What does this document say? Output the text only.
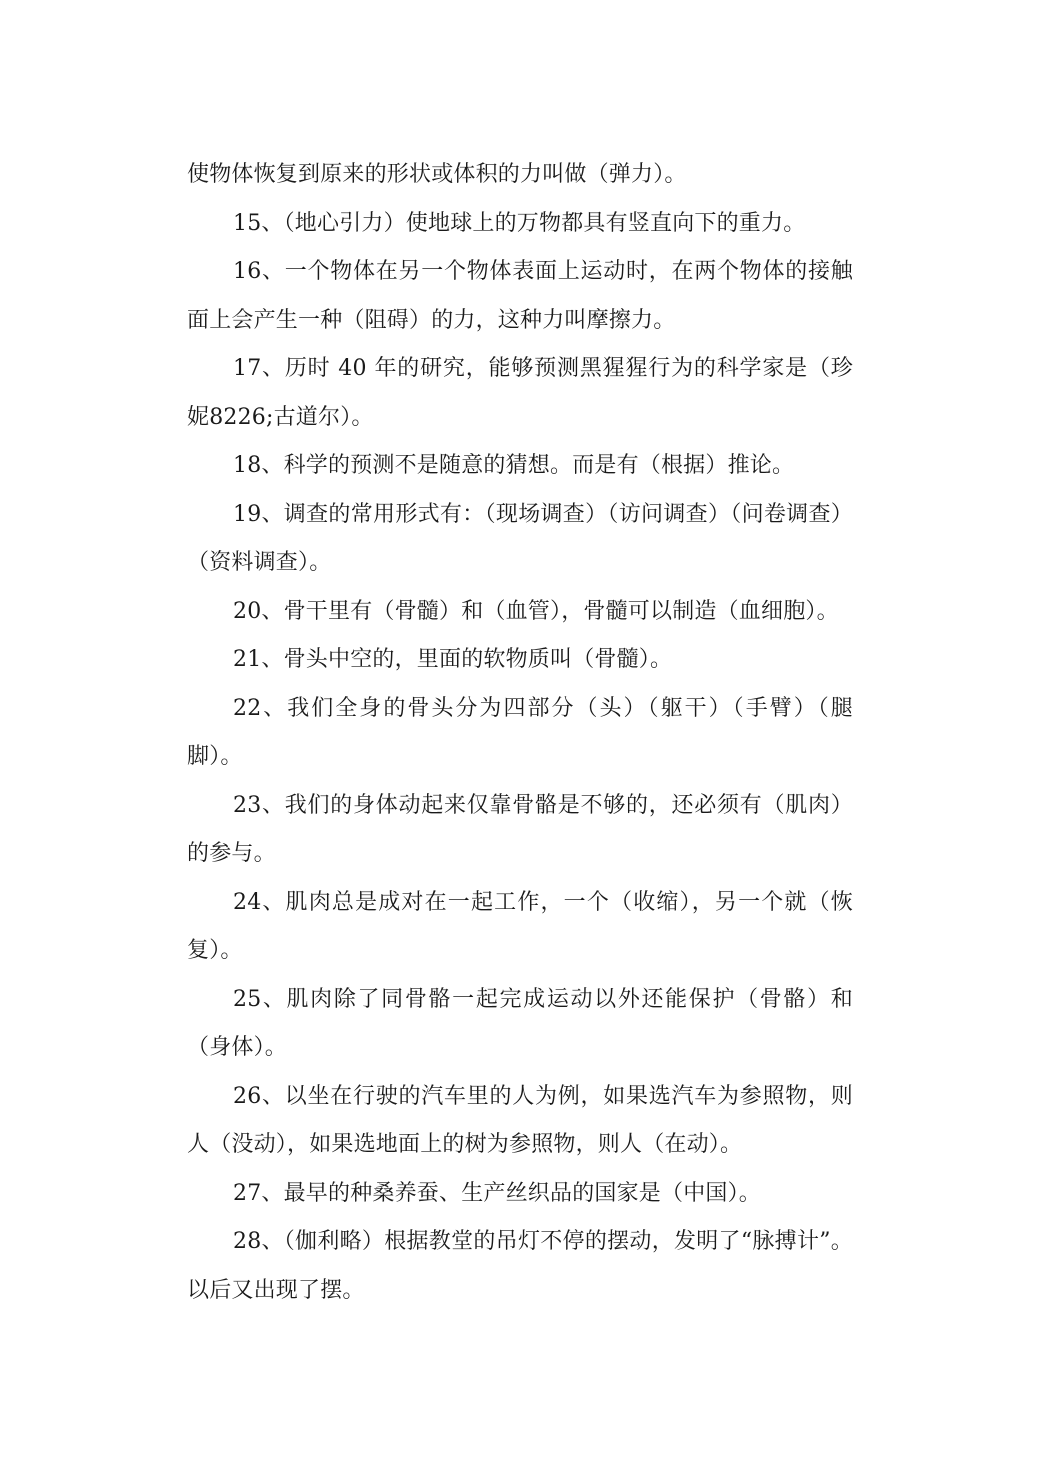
使物体恢复到原来的形状或体积的力叫做（弹力）。

15、（地心引力）使地球上的万物都具有竖直向下的重力。

16、一个物体在另一个物体表面上运动时，在两个物体的接触面上会产生一种（阻碍）的力，这种力叫摩擦力。

17、历时 40 年的研究，能够预测黑猩猩行为的科学家是（珍妮8226;古道尔）。

18、科学的预测不是随意的猜想。而是有（根据）推论。

19、调查的常用形式有：（现场调查）（访问调查）（问卷调查）（资料调查）。

20、骨干里有（骨髓）和（血管），骨髓可以制造（血细胞）。

21、骨头中空的，里面的软物质叫（骨髓）。

22、我们全身的骨头分为四部分（头）（躯干）（手臂）（腿脚）。

23、我们的身体动起来仅靠骨骼是不够的，还必须有（肌肉）的参与。

24、肌肉总是成对在一起工作，一个（收缩），另一个就（恢复）。

25、肌肉除了同骨骼一起完成运动以外还能保护（骨骼）和（身体）。

26、以坐在行驶的汽车里的人为例，如果选汽车为参照物，则人（没动），如果选地面上的树为参照物，则人（在动）。

27、最早的种桑养蚕、生产丝织品的国家是（中国）。

28、（伽利略）根据教堂的吊灯不停的摆动，发明了“脉搏计”。以后又出现了摆。
